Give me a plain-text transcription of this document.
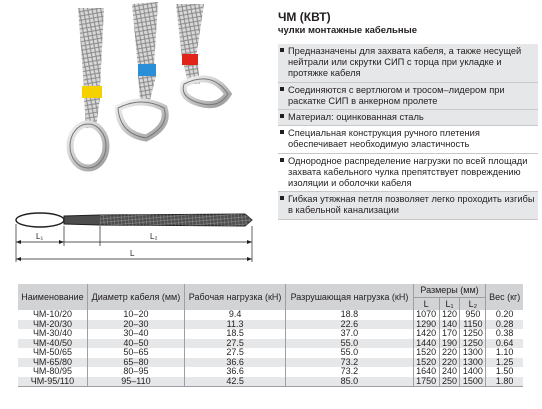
L₁	L₂
L
ЧМ (КВТ)
чулки монтажные кабельные
Предназначены для захвата кабеля, а также несущей нейтрали или скрутки СИП с торца при укладке и протяжке кабеля
Соединяются с вертлюгом и тросом–лидером при раскатке СИП в анкерном пролете
Материал: оцинкованная сталь
Специальная конструкция ручного плетения обеспечивает необходимую эластичность
Однородное распределение нагрузки по всей площади захвата кабельного чулка препятствует повреждению изоляции и оболочки кабеля
Гибкая утяжная петля позволяет легко проходить изгибы в кабельной канализации
Наименование	Диаметр кабеля (мм)	Рабочая нагрузка (кН)	Разрушающая нагрузка (кН)	Размеры (мм)			Вес (кг)
				L	L₁	L₂	
ЧМ-10/20	10–20	9.4	18.8	1070	120	950	0.20
ЧМ-20/30	20–30	11.3	22.6	1290	140	1150	0.28
ЧМ-30/40	30–40	18.5	37.0	1420	170	1250	0.38
ЧМ-40/50	40–50	27.5	55.0	1440	190	1250	0.64
ЧМ-50/65	50–65	27.5	55.0	1520	220	1300	1.10
ЧМ-65/80	65–80	36.6	73.2	1520	220	1300	1.25
ЧМ-80/95	80–95	36.6	73.2	1640	240	1400	1.50
ЧМ-95/110	95–110	42.5	85.0	1750	250	1500	1.80
